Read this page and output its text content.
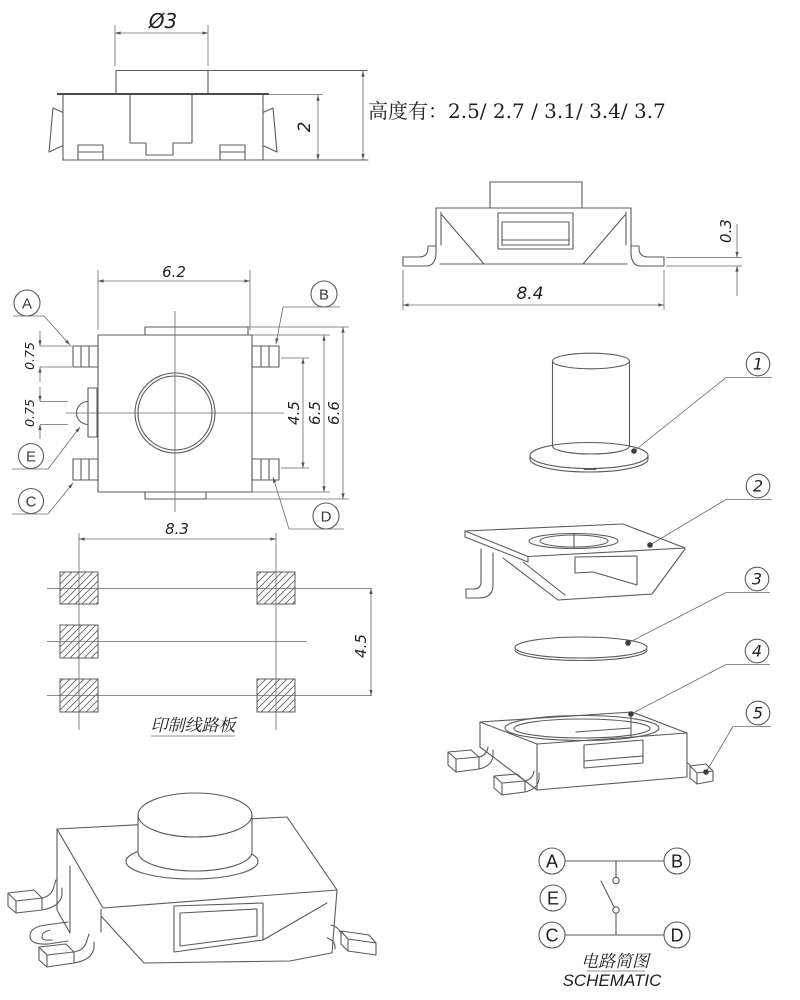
Ø3
2
高度有：2.5/ 2.7 / 3.1/ 3.4/ 3.7
8.4
0.3
6.2
0.75
0.75	4.5 6.5 6.6
A
B
E
C
D
8.3
4.5
印制线路板
1
2
3
4
5
A	B
E
C	D
电路简图
SCHEMATIC
